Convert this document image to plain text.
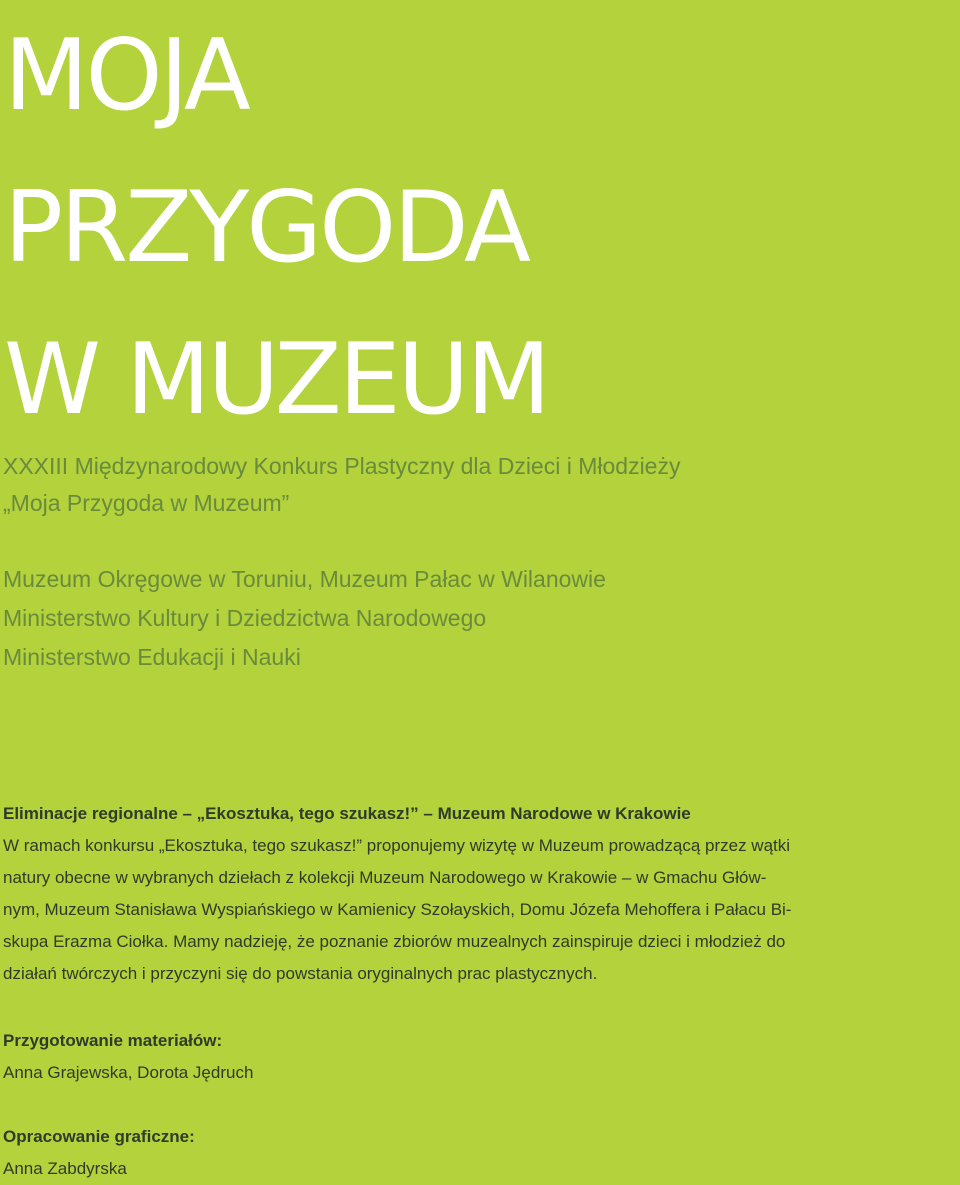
MOJA
PRZYGODA
W MUZEUM
XXXIII Międzynarodowy Konkurs Plastyczny dla Dzieci i Młodzieży
„Moja Przygoda w Muzeum”
Muzeum Okręgowe w Toruniu, Muzeum Pałac w Wilanowie
Ministerstwo Kultury i Dziedzictwa Narodowego
Ministerstwo Edukacji i Nauki
Eliminacje regionalne – „Ekosztuka, tego szukasz!” – Muzeum Narodowe w Krakowie
W ramach konkursu „Ekosztuka, tego szukasz!” proponujemy wizytę w Muzeum prowadzącą przez wątki
natury obecne w wybranych dziełach z kolekcji Muzeum Narodowego w Krakowie – w Gmachu Głów-
nym, Muzeum Stanisława Wyspiańskiego w Kamienicy Szołayskich, Domu Józefa Mehoffera i Pałacu Bi-
skupa Erazma Ciołka. Mamy nadzieję, że poznanie zbiorów muzealnych zainspiruje dzieci i młodzież do
działań twórczych i przyczyni się do powstania oryginalnych prac plastycznych.
Przygotowanie materiałów:
Anna Grajewska, Dorota Jędruch
Opracowanie graficzne:
Anna Zabdyrska
